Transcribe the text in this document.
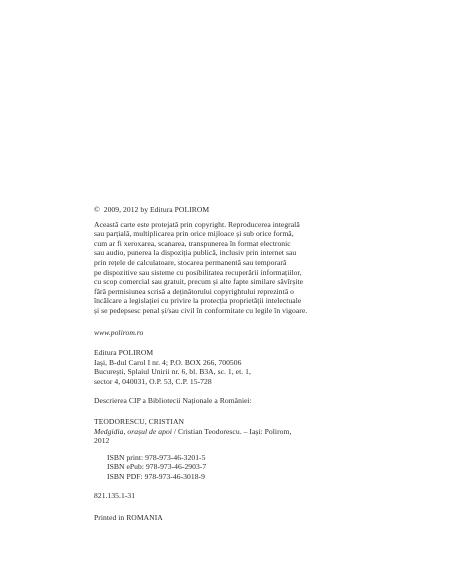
© 2009, 2012 by Editura POLIROM
Această carte este protejată prin copyright. Reproducerea integrală
sau parțială, multiplicarea prin orice mijloace și sub orice formă,
cum ar fi xeroxarea, scanarea, transpunerea în format electronic
sau audio, punerea la dispoziția publică, inclusiv prin internet sau
prin rețele de calculatoare, stocarea permanentă sau temporară
pe dispozitive sau sisteme cu posibilitatea recuperării informațiilor,
cu scop comercial sau gratuit, precum și alte fapte similare săvîrșite
fără permisiunea scrisă a deținătorului copyrightului reprezintă o
încălcare a legislației cu privire la protecția proprietății intelectuale
și se pedepsesc penal și/sau civil în conformitate cu legile în vigoare.
www.polirom.ro
Editura POLIROM
Iași, B-dul Carol I nr. 4; P.O. BOX 266, 700506
București, Splaiul Unirii nr. 6, bl. B3A, sc. 1, et. 1,
sector 4, 040031, O.P. 53, C.P. 15-728
Descrierea CIP a Bibliotecii Naționale a României:
TEODORESCU, CRISTIAN
Medgidia, orașul de apoi / Cristian Teodorescu. – Iași: Polirom,
2012
ISBN print: 978-973-46-3201-5
ISBN ePub: 978-973-46-2903-7
ISBN PDF: 978-973-46-3018-9
821.135.1-31
Printed in ROMANIA
